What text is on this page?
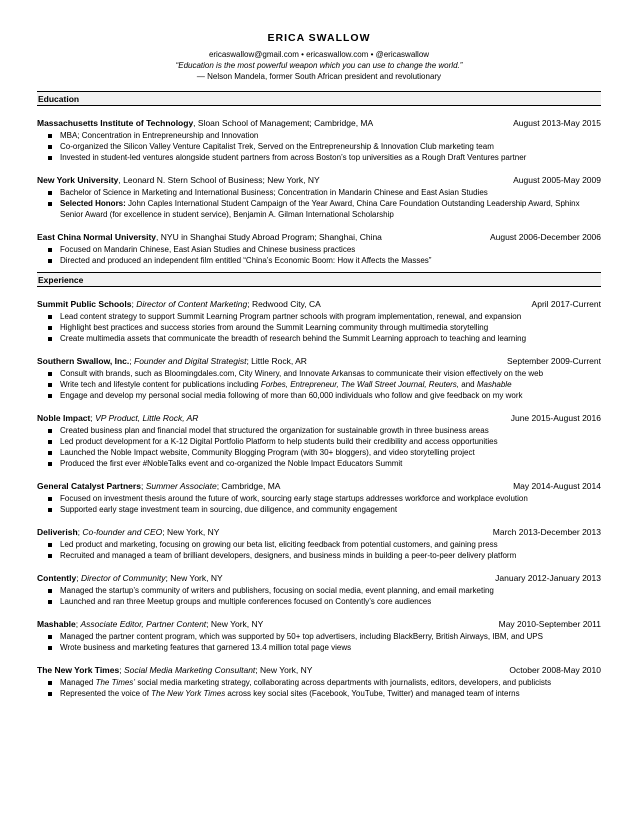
ERICA SWALLOW
ericaswallow@gmail.com • ericaswallow.com • @ericaswallow
“Education is the most powerful weapon which you can use to change the world.”
― Nelson Mandela, former South African president and revolutionary
Education
Massachusetts Institute of Technology, Sloan School of Management; Cambridge, MA	August 2013-May 2015
MBA; Concentration in Entrepreneurship and Innovation
Co-organized the Silicon Valley Venture Capitalist Trek, Served on the Entrepreneurship & Innovation Club marketing team
Invested in student-led ventures alongside student partners from across Boston’s top universities as a Rough Draft Ventures partner
New York University, Leonard N. Stern School of Business; New York, NY	August 2005-May 2009
Bachelor of Science in Marketing and International Business; Concentration in Mandarin Chinese and East Asian Studies
Selected Honors: John Caples International Student Campaign of the Year Award, China Care Foundation Outstanding Leadership Award, Sphinx Senior Award (for excellence in student service), Benjamin A. Gilman International Scholarship
East China Normal University, NYU in Shanghai Study Abroad Program; Shanghai, China	August 2006-December 2006
Focused on Mandarin Chinese, East Asian Studies and Chinese business practices
Directed and produced an independent film entitled “China’s Economic Boom: How it Affects the Masses”
Experience
Summit Public Schools; Director of Content Marketing; Redwood City, CA	April 2017-Current
Lead content strategy to support Summit Learning Program partner schools with program implementation, renewal, and expansion
Highlight best practices and success stories from around the Summit Learning community through multimedia storytelling
Create multimedia assets that communicate the breadth of research behind the Summit Learning approach to teaching and learning
Southern Swallow, Inc.; Founder and Digital Strategist; Little Rock, AR	September 2009-Current
Consult with brands, such as Bloomingdales.com, City Winery, and Innovate Arkansas to communicate their vision effectively on the web
Write tech and lifestyle content for publications including Forbes, Entrepreneur, The Wall Street Journal, Reuters, and Mashable
Engage and develop my personal social media following of more than 60,000 individuals who follow and give feedback on my work
Noble Impact; VP Product, Little Rock, AR	June 2015-August 2016
Created business plan and financial model that structured the organization for sustainable growth in three business areas
Led product development for a K-12 Digital Portfolio Platform to help students build their credibility and access opportunities
Launched the Noble Impact website, Community Blogging Program (with 30+ bloggers), and video storytelling project
Produced the first ever #NobleTalks event and co-organized the Noble Impact Educators Summit
General Catalyst Partners; Summer Associate; Cambridge, MA	May 2014-August 2014
Focused on investment thesis around the future of work, sourcing early stage startups addresses workforce and workplace evolution
Supported early stage investment team in sourcing, due diligence, and community engagement
Deliverish; Co-founder and CEO; New York, NY	March 2013-December 2013
Led product and marketing, focusing on growing our beta list, eliciting feedback from potential customers, and gaining press
Recruited and managed a team of brilliant developers, designers, and business minds in building a peer-to-peer delivery platform
Contently; Director of Community; New York, NY	January 2012-January 2013
Managed the startup’s community of writers and publishers, focusing on social media, event planning, and email marketing
Launched and ran three Meetup groups and multiple conferences focused on Contently’s core audiences
Mashable; Associate Editor, Partner Content; New York, NY	May 2010-September 2011
Managed the partner content program, which was supported by 50+ top advertisers, including BlackBerry, British Airways, IBM, and UPS
Wrote business and marketing features that garnered 13.4 million total page views
The New York Times; Social Media Marketing Consultant; New York, NY	October 2008-May 2010
Managed The Times’ social media marketing strategy, collaborating across departments with journalists, editors, developers, and publicists
Represented the voice of The New York Times across key social sites (Facebook, YouTube, Twitter) and managed team of interns
